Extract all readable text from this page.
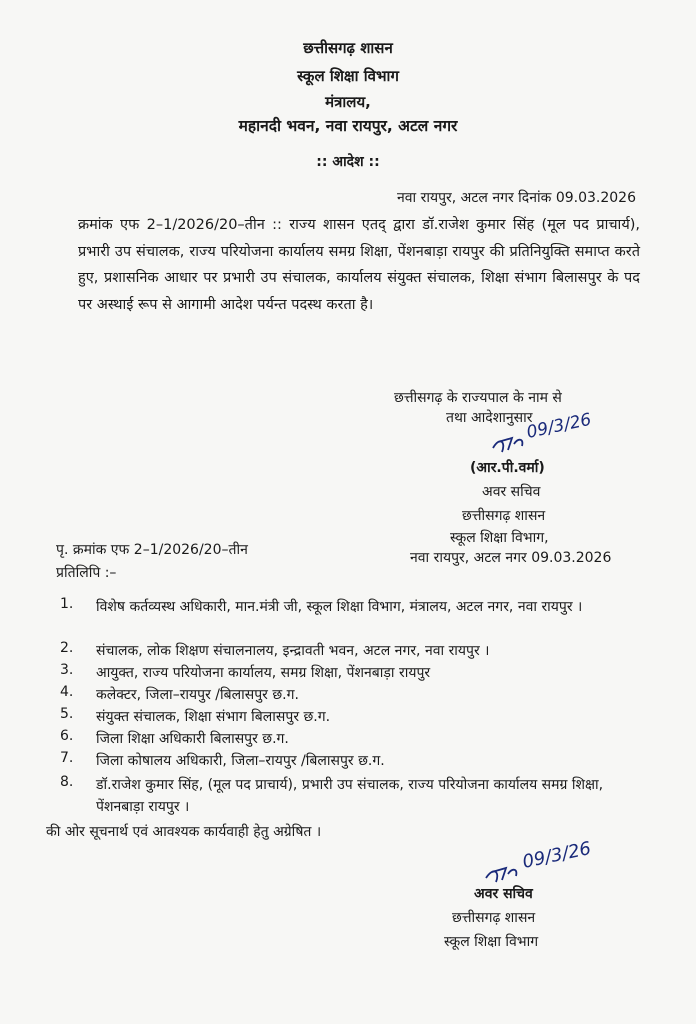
छत्तीसगढ़ शासन
स्कूल शिक्षा विभाग
मंत्रालय,
महानदी भवन, नवा रायपुर, अटल नगर
:: आदेश ::
नवा रायपुर, अटल नगर दिनांक 09.03.2026
क्रमांक एफ 2–1/2026/20–तीन :: राज्य शासन एतद् द्वारा डॉ.राजेश कुमार सिंह (मूल पद प्राचार्य), प्रभारी उप संचालक, राज्य परियोजना कार्यालय समग्र शिक्षा, पेंशनबाड़ा रायपुर की प्रतिनियुक्ति समाप्त करते हुए, प्रशासनिक आधार पर प्रभारी उप संचालक, कार्यालय संयुक्त संचालक, शिक्षा संभाग बिलासपुर के पद पर अस्थाई रूप से आगामी आदेश पर्यन्त पदस्थ करता है।
छत्तीसगढ़ के राज्यपाल के नाम से
तथा आदेशानुसार
09/3/26
(आर.पी.वर्मा)
अवर सचिव
छत्तीसगढ़ शासन
स्कूल शिक्षा विभाग,
नवा रायपुर, अटल नगर 09.03.2026
पृ. क्रमांक एफ 2–1/2026/20–तीन
प्रतिलिपि :–
1. विशेष कर्तव्यस्थ अधिकारी, मान.मंत्री जी, स्कूल शिक्षा विभाग, मंत्रालय, अटल नगर, नवा रायपुर ।
2. संचालक, लोक शिक्षण संचालनालय, इन्द्रावती भवन, अटल नगर, नवा रायपुर ।
3. आयुक्त, राज्य परियोजना कार्यालय, समग्र शिक्षा, पेंशनबाड़ा रायपुर
4. कलेक्टर, जिला–रायपुर /बिलासपुर छ.ग.
5. संयुक्त संचालक, शिक्षा संभाग बिलासपुर छ.ग.
6. जिला शिक्षा अधिकारी बिलासपुर छ.ग.
7. जिला कोषालय अधिकारी, जिला–रायपुर /बिलासपुर छ.ग.
8. डॉ.राजेश कुमार सिंह, (मूल पद प्राचार्य), प्रभारी उप संचालक, राज्य परियोजना कार्यालय समग्र शिक्षा, पेंशनबाड़ा रायपुर ।
की ओर सूचनार्थ एवं आवश्यक कार्यवाही हेतु अग्रेषित ।
09/3/26
अवर सचिव
छत्तीसगढ़ शासन
स्कूल शिक्षा विभाग
